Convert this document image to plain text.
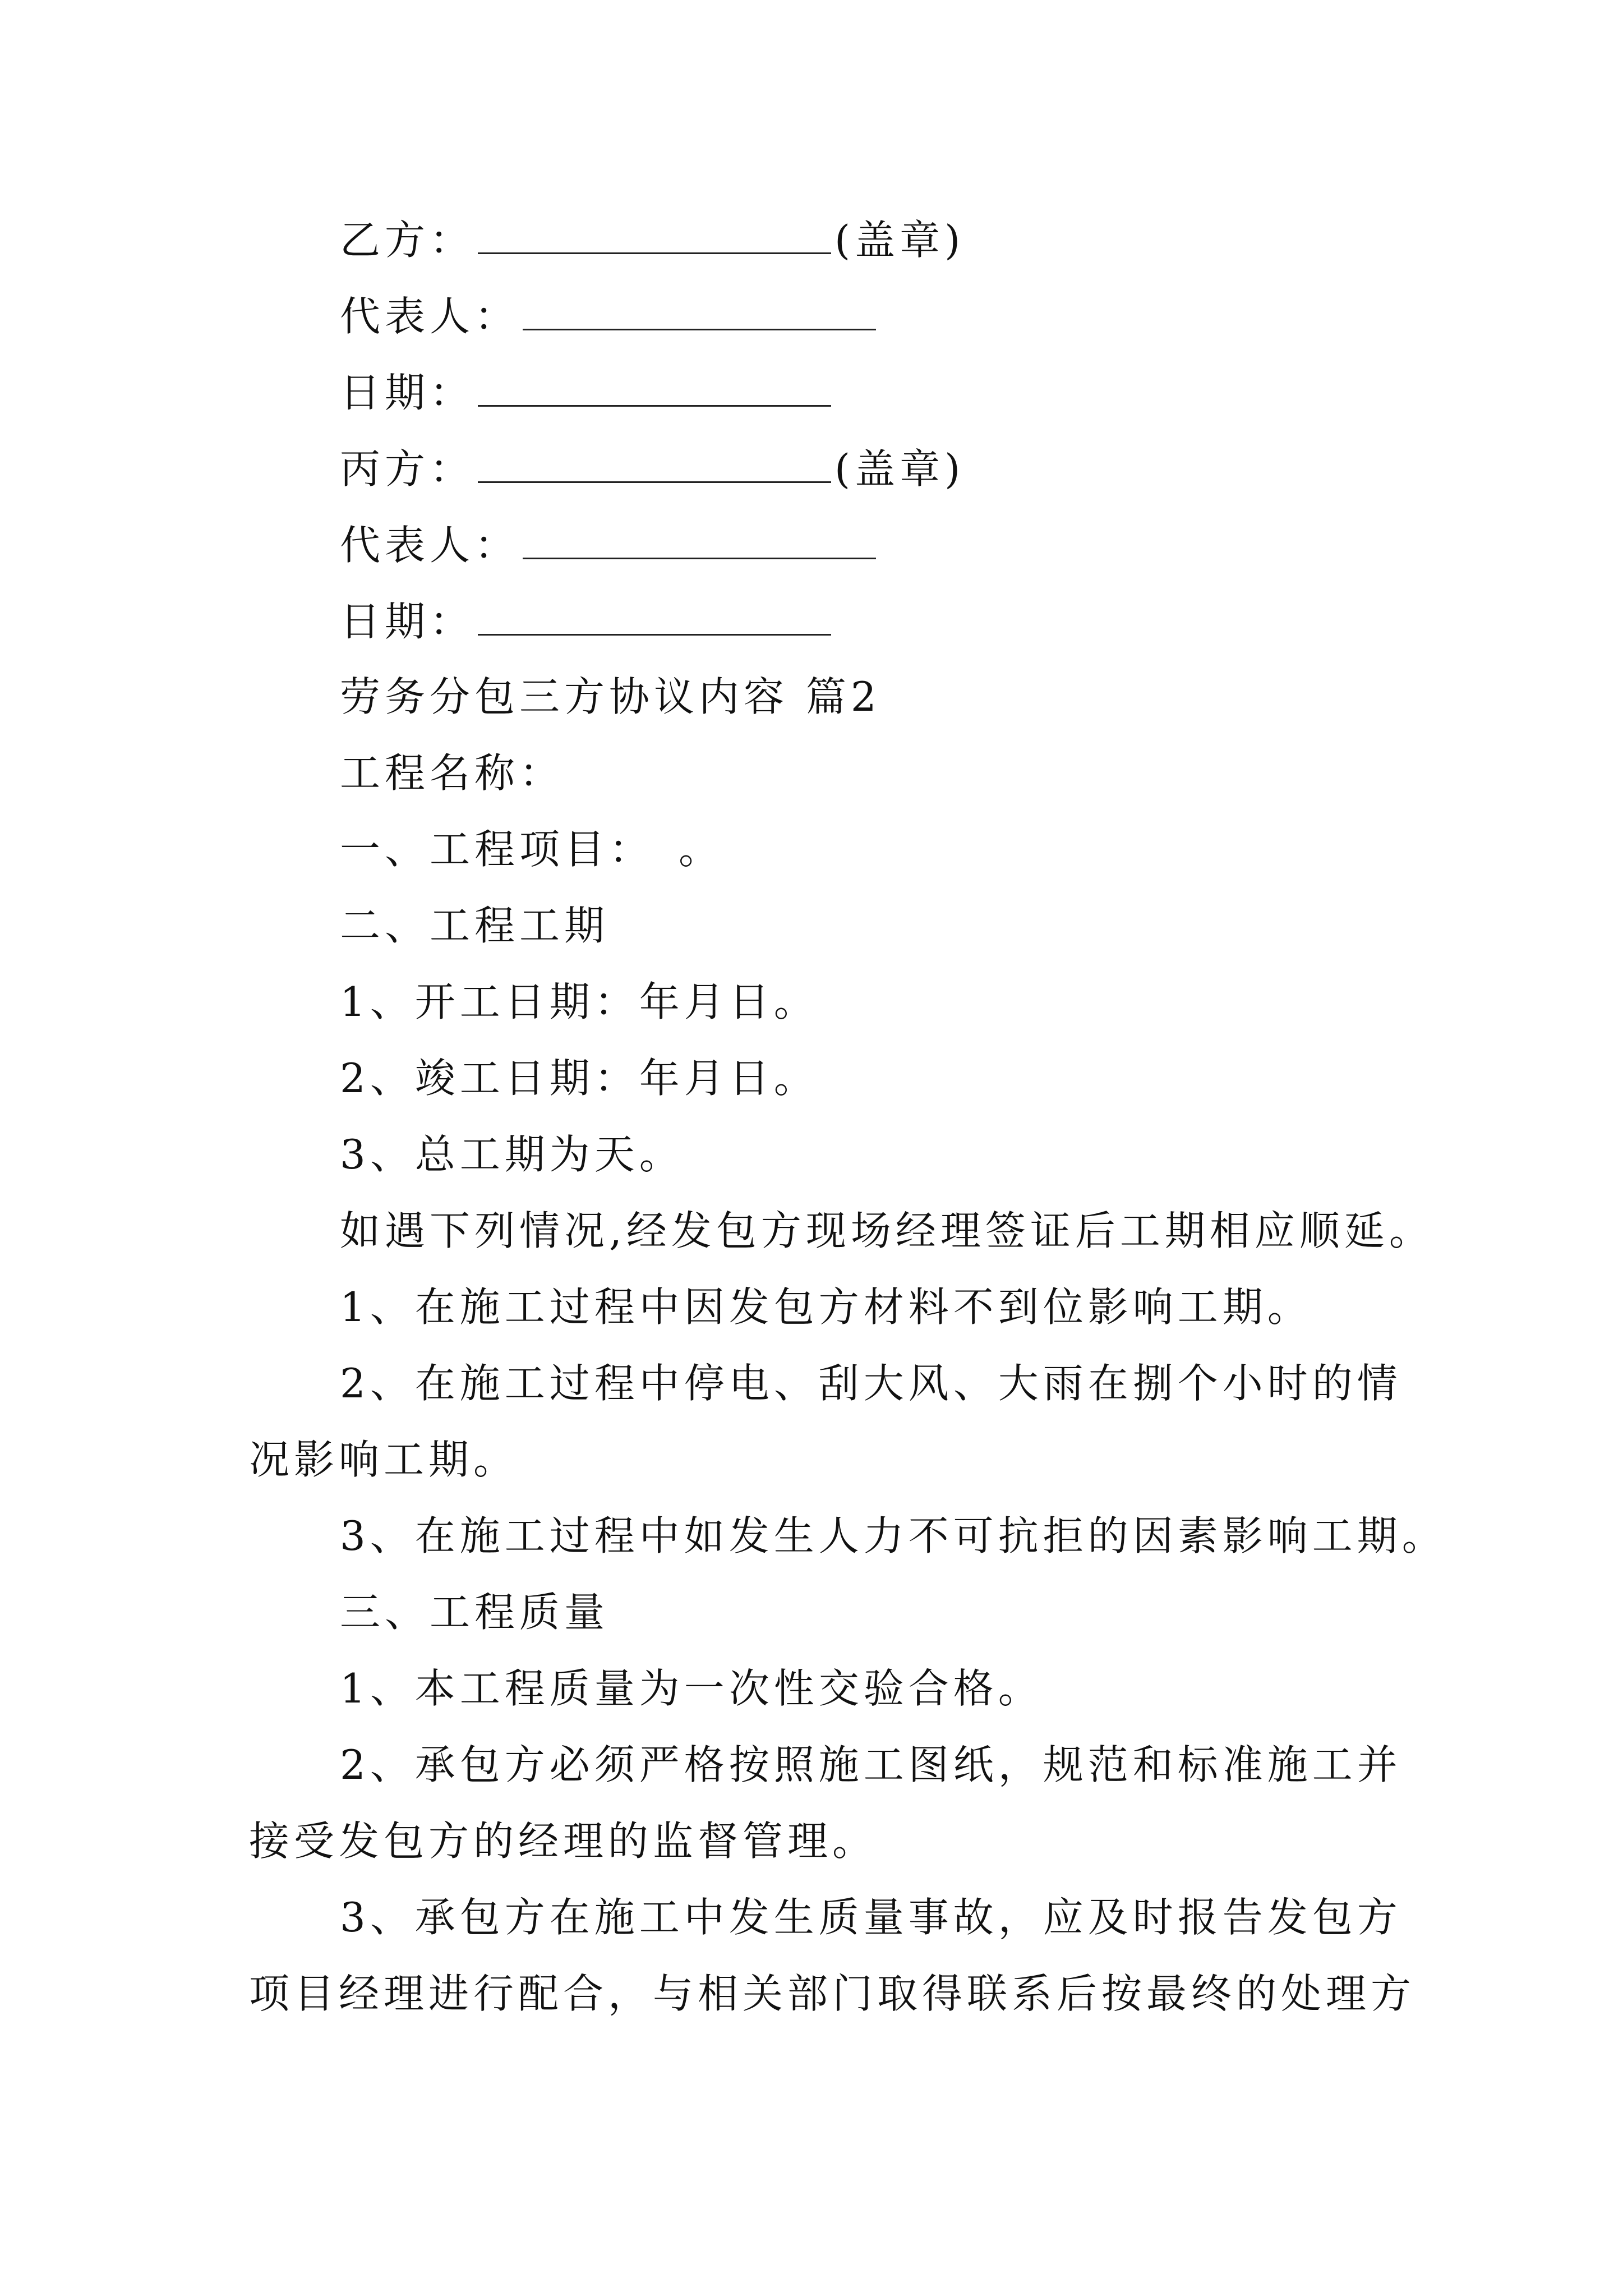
乙方：	(盖章)
代表人：
日期：
丙方：	(盖章)
代表人：
日期：
劳务分包三方协议内容 篇2
工程名称：
一、工程项目：　。
二、工程工期
1、开工日期：年月日。
2、竣工日期：年月日。
3、总工期为天。
如遇下列情况,经发包方现场经理签证后工期相应顺延。
1、在施工过程中因发包方材料不到位影响工期。
2、在施工过程中停电、刮大风、大雨在捌个小时的情
况影响工期。
3、在施工过程中如发生人力不可抗拒的因素影响工期。
三、工程质量
1、本工程质量为一次性交验合格。
2、承包方必须严格按照施工图纸，规范和标准施工并
接受发包方的经理的监督管理。
3、承包方在施工中发生质量事故，应及时报告发包方
项目经理进行配合，与相关部门取得联系后按最终的处理方
